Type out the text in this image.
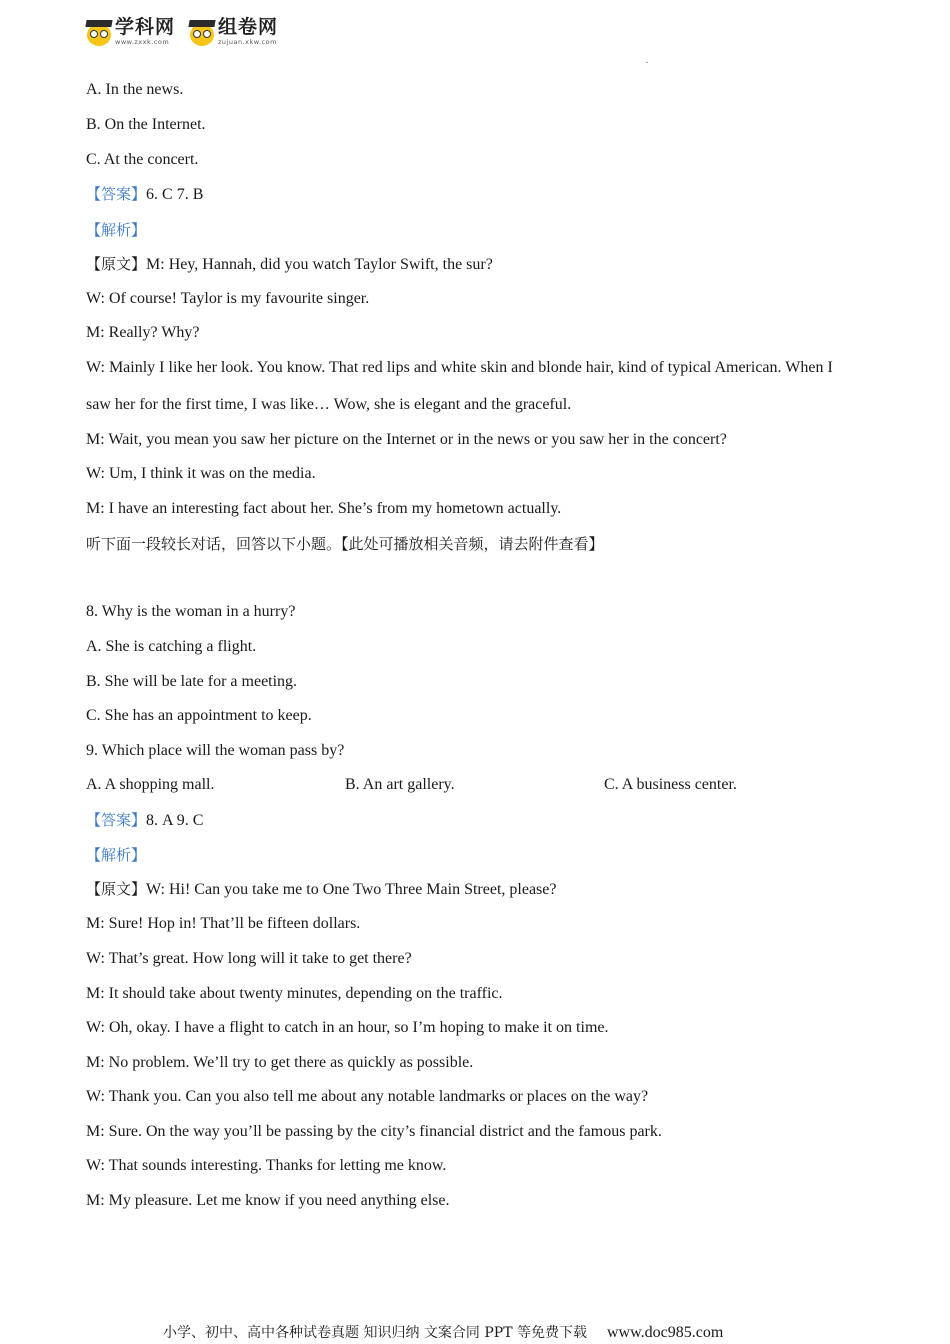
学科网
www.zxxk.com
组卷网
zujuan.xkw.com
A. In the news.
B. On the Internet.
C. At the concert.
【答案】6. C 7. B
【解析】
【原文】M: Hey, Hannah, did you watch Taylor Swift, the sur?
W: Of course! Taylor is my favourite singer.
M: Really? Why?
W: Mainly I like her look. You know. That red lips and white skin and blonde hair, kind of typical American. When I
saw her for the first time, I was like… Wow, she is elegant and the graceful.
M: Wait, you mean you saw her picture on the Internet or in the news or you saw her in the concert?
W: Um, I think it was on the media.
M: I have an interesting fact about her. She’s from my hometown actually.
听下面一段较长对话，回答以下小题。【此处可播放相关音频，请去附件查看】
8. Why is the woman in a hurry?
A. She is catching a flight.
B. She will be late for a meeting.
C. She has an appointment to keep.
9. Which place will the woman pass by?
A. A shopping mall.	B. An art gallery.	C. A business center.
【答案】8. A 9. C
【解析】
【原文】W: Hi! Can you take me to One Two Three Main Street, please?
M: Sure! Hop in! That’ll be fifteen dollars.
W: That’s great. How long will it take to get there?
M: It should take about twenty minutes, depending on the traffic.
W: Oh, okay. I have a flight to catch in an hour, so I’m hoping to make it on time.
M: No problem. We’ll try to get there as quickly as possible.
W: Thank you. Can you also tell me about any notable landmarks or places on the way?
M: Sure. On the way you’ll be passing by the city’s financial district and the famous park.
W: That sounds interesting. Thanks for letting me know.
M: My pleasure. Let me know if you need anything else.
小学、初中、高中各种试卷真题 知识归纳 文案合同 PPT 等免费下载 www.doc985.com
